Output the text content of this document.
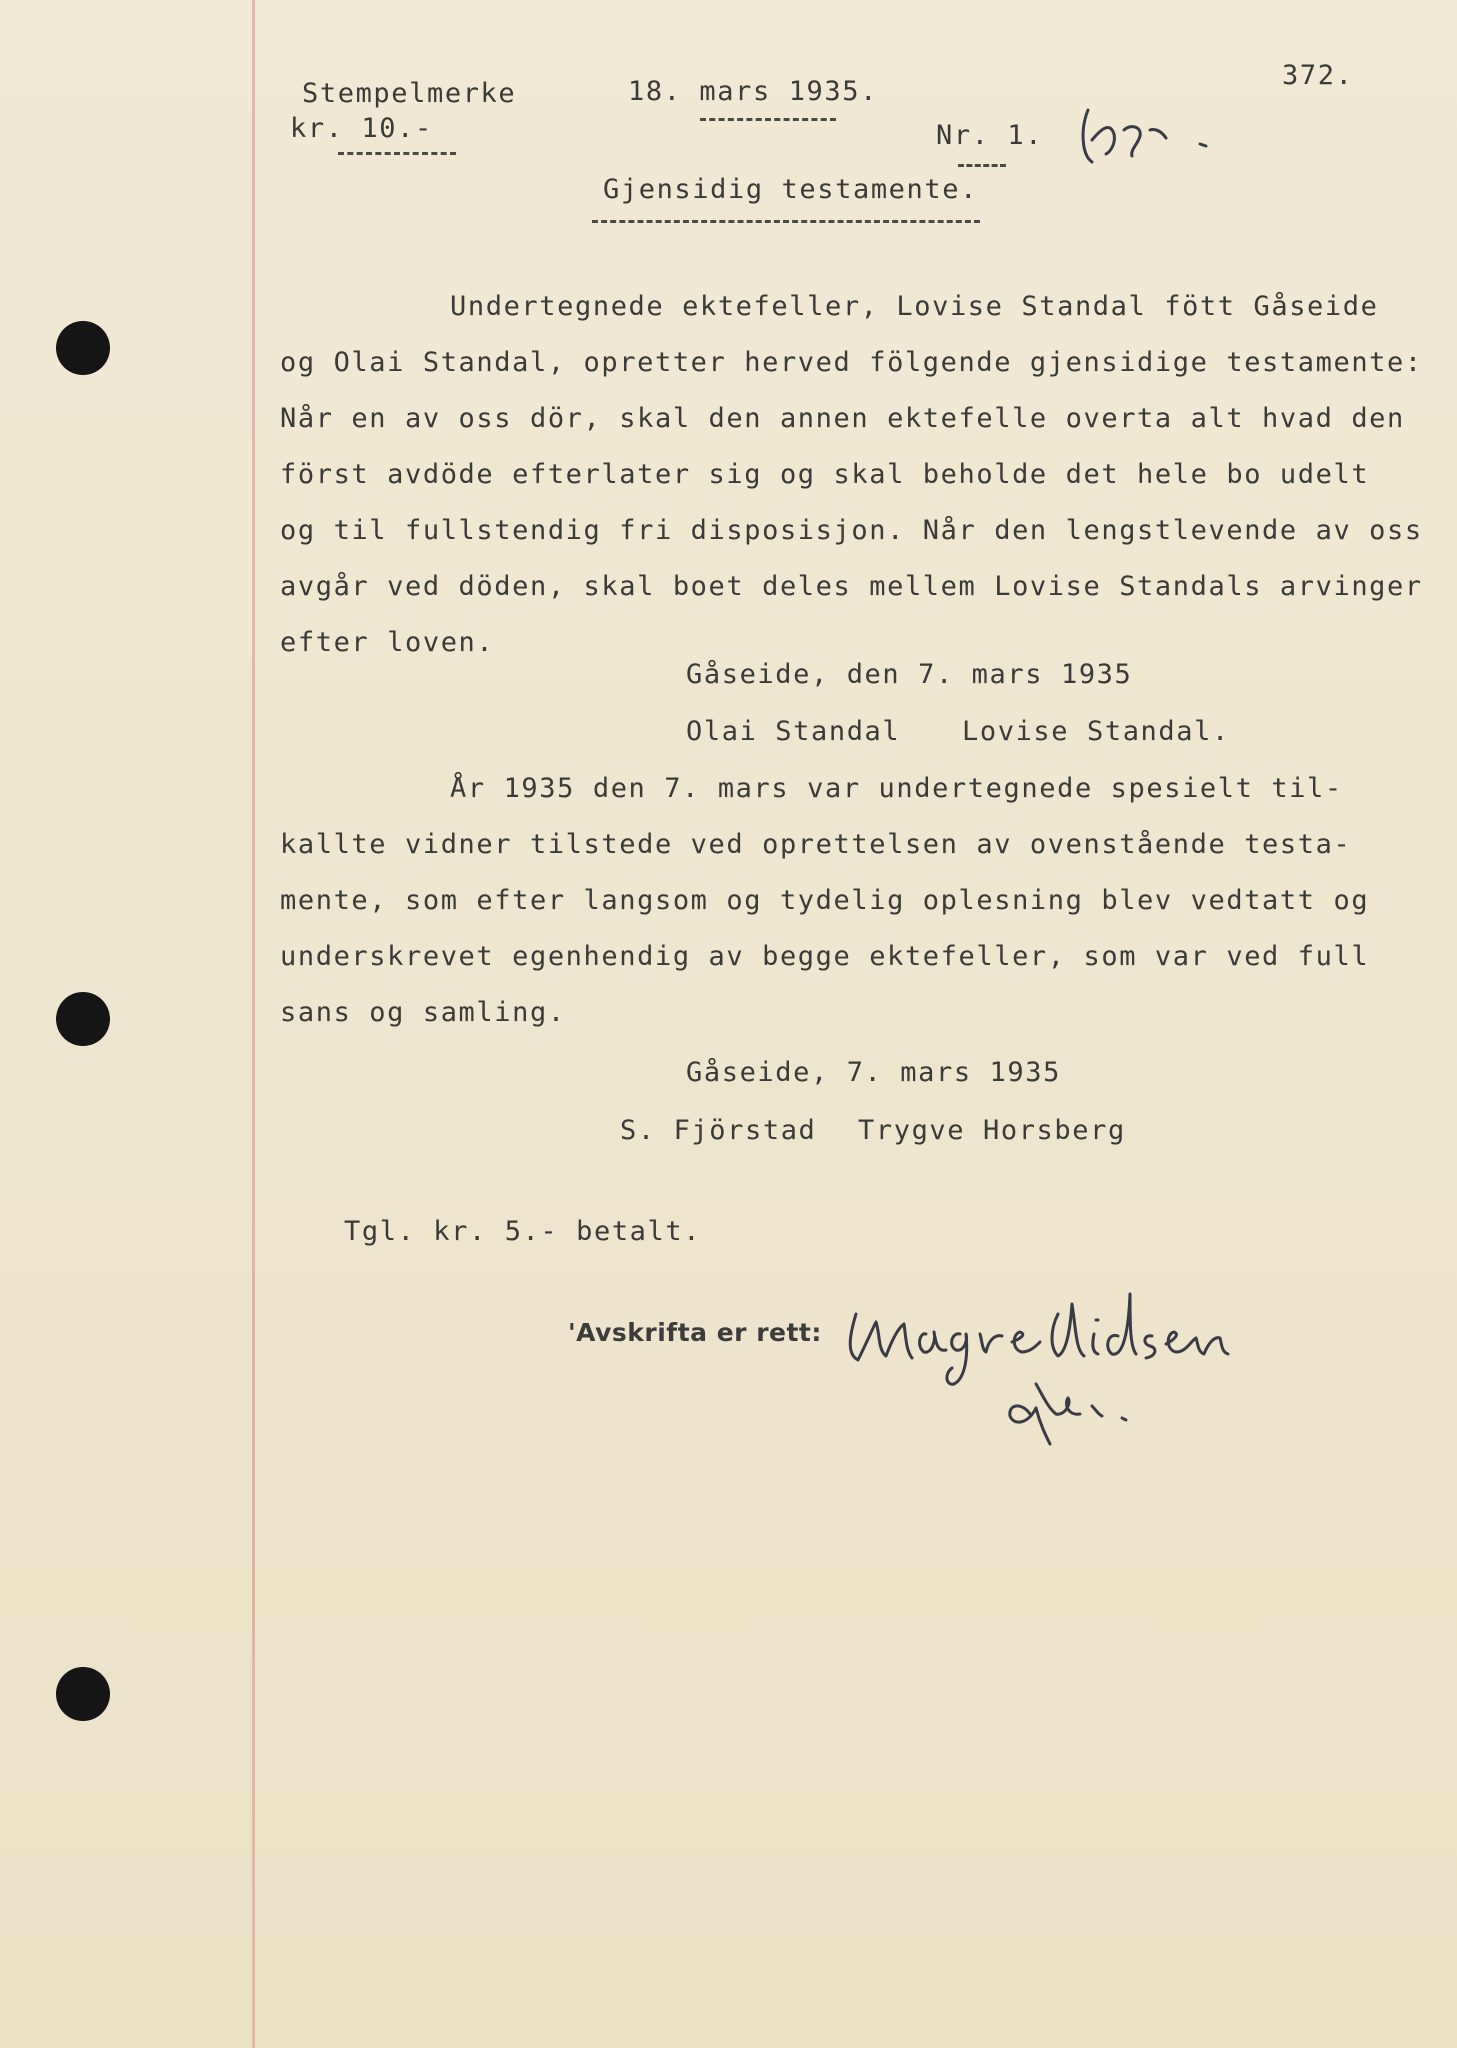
Stempelmerke
kr. 10.-
18. mars 1935.
Nr. 1.
372.
Gjensidig testamente.
Undertegnede ektefeller, Lovise Standal fött Gåseide
og Olai Standal, opretter herved fölgende gjensidige testamente:
Når en av oss dör, skal den annen ektefelle overta alt hvad den
först avdöde efterlater sig og skal beholde det hele bo udelt
og til fullstendig fri disposisjon. Når den lengstlevende av oss
avgår ved döden, skal boet deles mellem Lovise Standals arvinger
efter loven.
Gåseide, den 7. mars 1935
Olai Standal Lovise Standal.
År 1935 den 7. mars var undertegnede spesielt til-
kallte vidner tilstede ved oprettelsen av ovenstående testa-
mente, som efter langsom og tydelig oplesning blev vedtatt og
underskrevet egenhendig av begge ektefeller, som var ved full
sans og samling.
Gåseide, 7. mars 1935
S. Fjörstad Trygve Horsberg
Tgl. kr. 5.- betalt.
'Avskrifta er rett:
